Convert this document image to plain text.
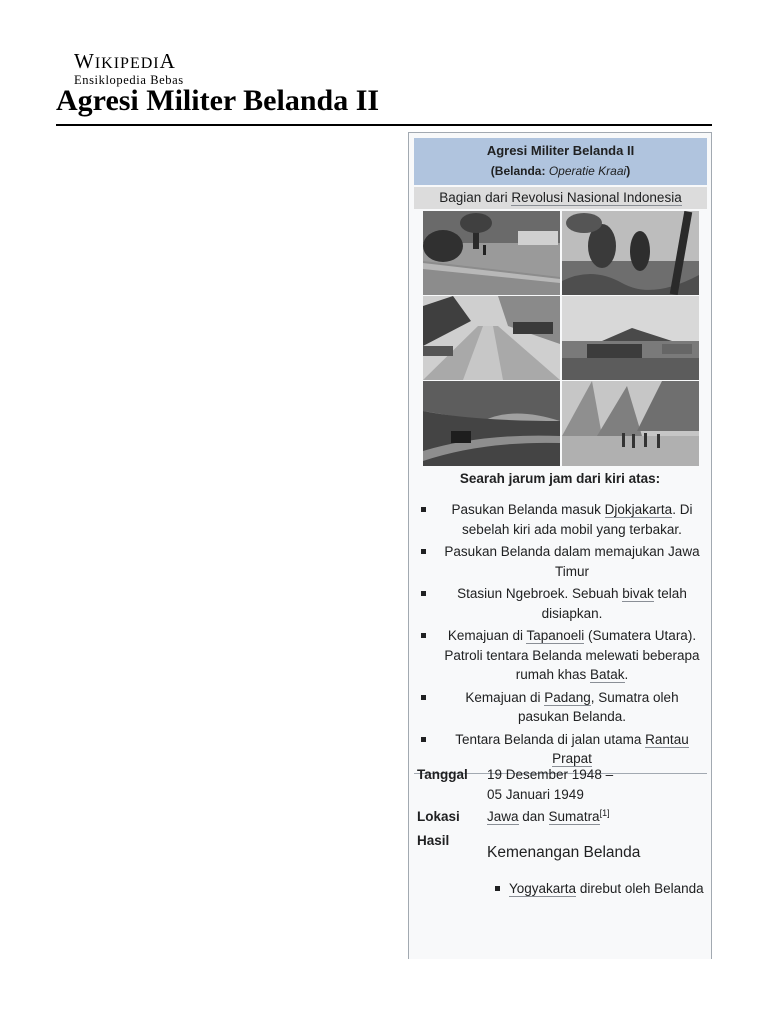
WIKIPEDIA
Ensiklopedia Bebas
Agresi Militer Belanda II
Agresi Militer Belanda II
(Belanda: Operatie Kraai)
Bagian dari Revolusi Nasional Indonesia
Searah jarum jam dari kiri atas:
Pasukan Belanda masuk Djokjakarta. Di sebelah kiri ada mobil yang terbakar.
Pasukan Belanda dalam memajukan Jawa Timur
Stasiun Ngebroek. Sebuah bivak telah disiapkan.
Kemajuan di Tapanoeli (Sumatera Utara). Patroli tentara Belanda melewati beberapa rumah khas Batak.
Kemajuan di Padang, Sumatra oleh pasukan Belanda.
Tentara Belanda di jalan utama Rantau Prapat
Tanggal	19 Desember 1948 –
05 Januari 1949
Lokasi	Jawa dan Sumatra[1]
Hasil
Kemenangan Belanda
Yogyakarta direbut oleh Belanda
